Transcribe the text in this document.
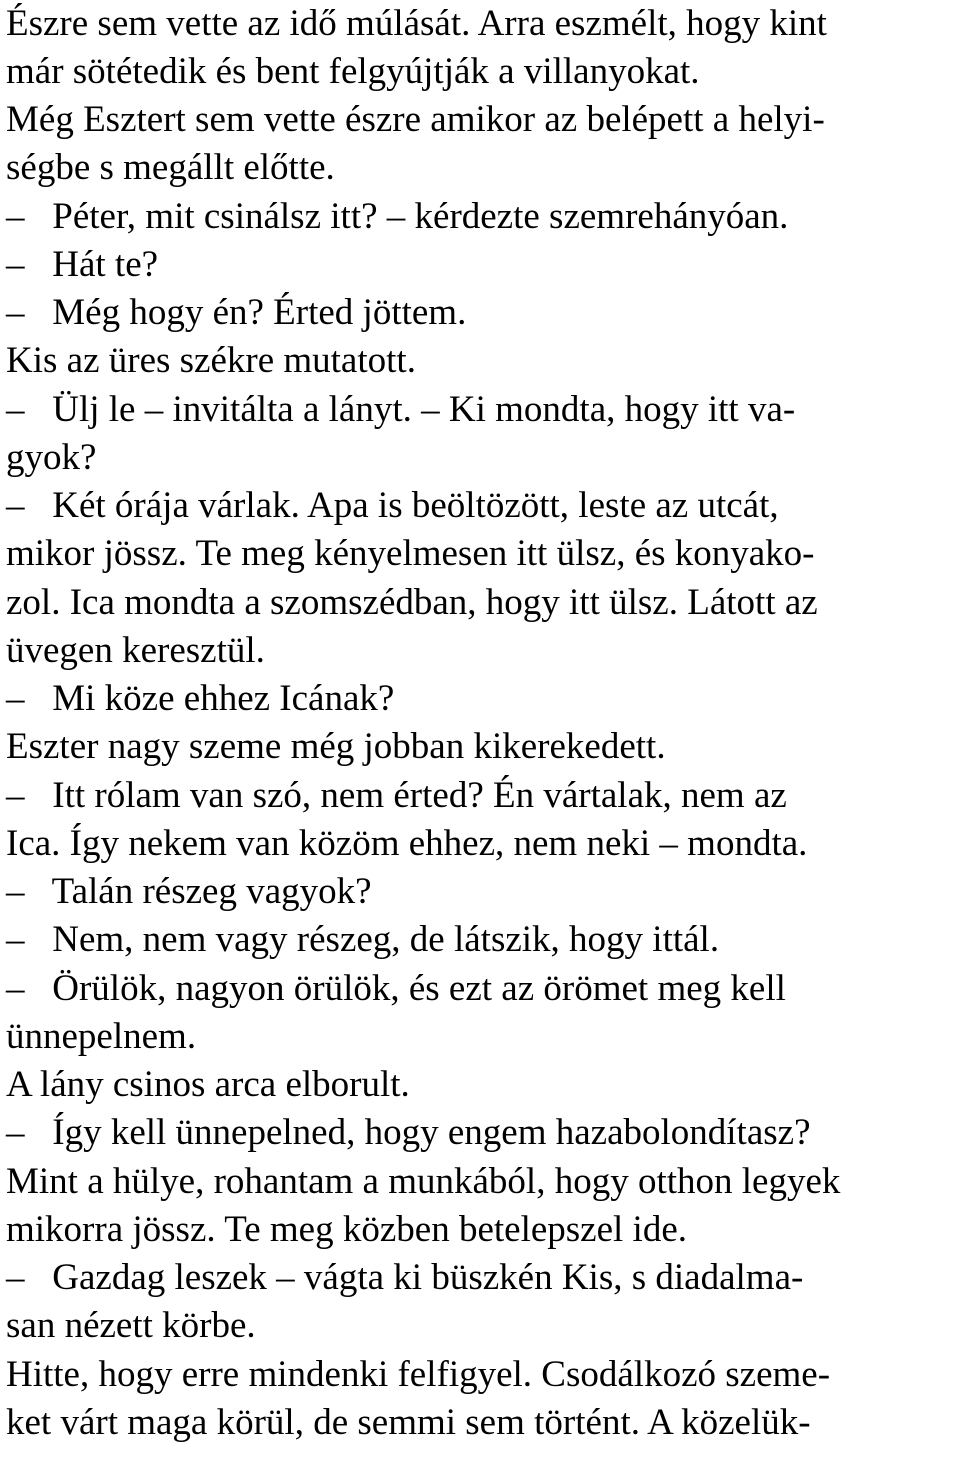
Észre sem vette az idő múlását. Arra eszmélt, hogy kint
már sötétedik és bent felgyújtják a villanyokat.
Még Esztert sem vette észre amikor az belépett a helyi-
ségbe s megállt előtte.
–   Péter, mit csinálsz itt? – kérdezte szemrehányóan.
–   Hát te?
–   Még hogy én? Érted jöttem.
Kis az üres székre mutatott.
–   Ülj le – invitálta a lányt. – Ki mondta, hogy itt va-
gyok?
–   Két órája várlak. Apa is beöltözött, leste az utcát,
mikor jössz. Te meg kényelmesen itt ülsz, és konyako-
zol. Ica mondta a szomszédban, hogy itt ülsz. Látott az
üvegen keresztül.
–   Mi köze ehhez Icának?
Eszter nagy szeme még jobban kikerekedett.
–   Itt rólam van szó, nem érted? Én vártalak, nem az
Ica. Így nekem van közöm ehhez, nem neki – mondta.
–   Talán részeg vagyok?
–   Nem, nem vagy részeg, de látszik, hogy ittál.
–   Örülök, nagyon örülök, és ezt az örömet meg kell
ünnepelnem.
A lány csinos arca elborult.
–   Így kell ünnepelned, hogy engem hazabolondítasz?
Mint a hülye, rohantam a munkából, hogy otthon legyek
mikorra jössz. Te meg közben betelepszel ide.
–   Gazdag leszek – vágta ki büszkén Kis, s diadalma-
san nézett körbe.
Hitte, hogy erre mindenki felfigyel. Csodálkozó szeme-
ket várt maga körül, de semmi sem történt. A közelük-
